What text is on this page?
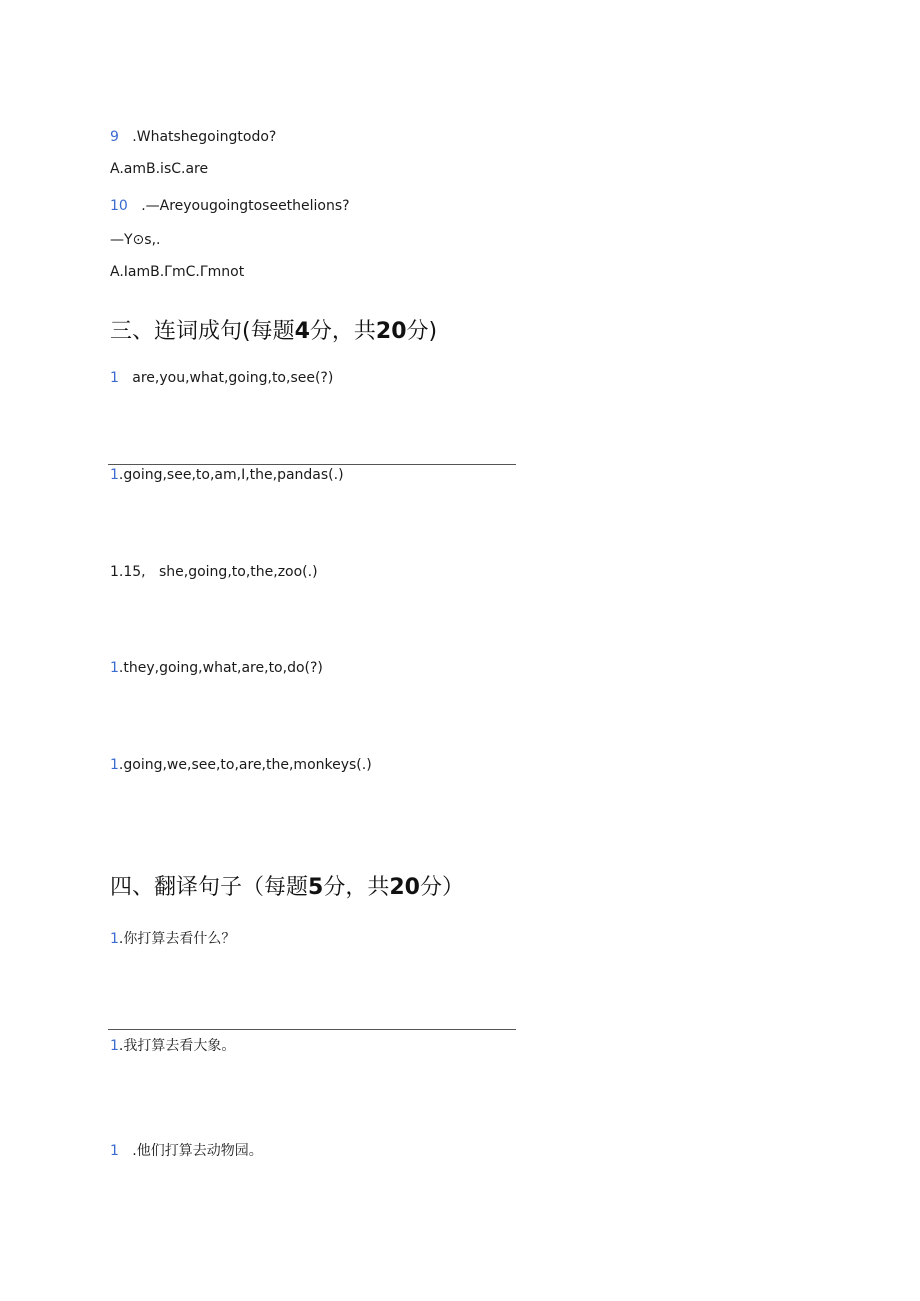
9 .Whatshegoingtodo?
A.amB.isC.are
10 .—Areyougoingtoseethelions?
—Y⊙s,.
A.IamB.ΓmC.Γmnot
三、连词成句(每题4分，共20分)
1 are,you,what,going,to,see(?)
1.going,see,to,am,I,the,pandas(.)
1.15, she,going,to,the,zoo(.)
1.they,going,what,are,to,do(?)
1.going,we,see,to,are,the,monkeys(.)
四、翻译句子（每题5分，共20分）
1.你打算去看什么？
1.我打算去看大象。
1 .他们打算去动物园。
